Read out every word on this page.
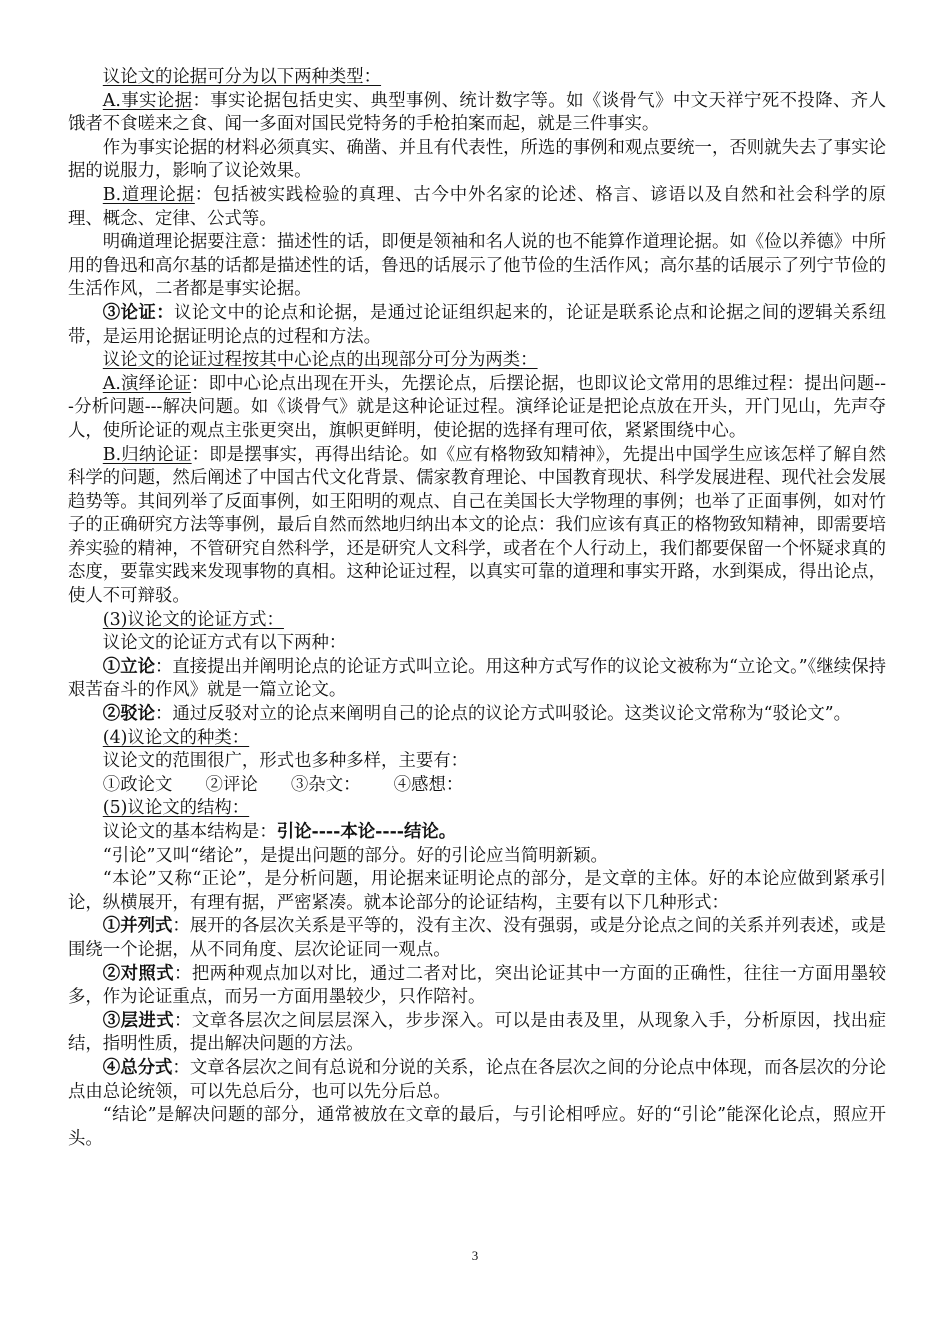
议论文的论据可分为以下两种类型：

A.事实论据：事实论据包括史实、典型事例、统计数字等。如《谈骨气》中文天祥宁死不投降、齐人饿者不食嗟来之食、闻一多面对国民党特务的手枪拍案而起，就是三件事实。

作为事实论据的材料必须真实、确凿、并且有代表性，所选的事例和观点要统一，否则就失去了事实论据的说服力，影响了议论效果。

B.道理论据：包括被实践检验的真理、古今中外名家的论述、格言、谚语以及自然和社会科学的原理、概念、定律、公式等。

明确道理论据要注意：描述性的话，即便是领袖和名人说的也不能算作道理论据。如《俭以养德》中所用的鲁迅和高尔基的话都是描述性的话，鲁迅的话展示了他节俭的生活作风；高尔基的话展示了列宁节俭的生活作风，二者都是事实论据。

③论证：议论文中的论点和论据，是通过论证组织起来的，论证是联系论点和论据之间的逻辑关系纽带，是运用论据证明论点的过程和方法。

议论文的论证过程按其中心论点的出现部分可分为两类：

A.演绎论证：即中心论点出现在开头，先摆论点，后摆论据，也即议论文常用的思维过程：提出问题---分析问题---解决问题。如《谈骨气》就是这种论证过程。演绎论证是把论点放在开头，开门见山，先声夺人，使所论证的观点主张更突出，旗帜更鲜明，使论据的选择有理可依，紧紧围绕中心。

B.归纳论证：即是摆事实，再得出结论。如《应有格物致知精神》，先提出中国学生应该怎样了解自然科学的问题，然后阐述了中国古代文化背景、儒家教育理论、中国教育现状、科学发展进程、现代社会发展趋势等。其间列举了反面事例，如王阳明的观点、自己在美国长大学物理的事例；也举了正面事例，如对竹子的正确研究方法等事例，最后自然而然地归纳出本文的论点：我们应该有真正的格物致知精神，即需要培养实验的精神，不管研究自然科学，还是研究人文科学，或者在个人行动上，我们都要保留一个怀疑求真的态度，要靠实践来发现事物的真相。这种论证过程，以真实可靠的道理和事实开路，水到渠成，得出论点，使人不可辩驳。

(3)议论文的论证方式：

议论文的论证方式有以下两种：

①立论：直接提出并阐明论点的论证方式叫立论。用这种方式写作的议论文被称为“立论文。”《继续保持艰苦奋斗的作风》就是一篇立论文。

②驳论：通过反驳对立的论点来阐明自己的论点的议论方式叫驳论。这类议论文常称为“驳论文”。

(4)议论文的种类：

议论文的范围很广，形式也多种多样，主要有：

①政论文 ②评论 ③杂文： ④感想：

(5)议论文的结构：

议论文的基本结构是：引论----本论----结论。

“引论”又叫“绪论”，是提出问题的部分。好的引论应当简明新颖。

“本论”又称“正论”，是分析问题，用论据来证明论点的部分，是文章的主体。好的本论应做到紧承引论，纵横展开，有理有据，严密紧凑。就本论部分的论证结构，主要有以下几种形式：

①并列式：展开的各层次关系是平等的，没有主次、没有强弱，或是分论点之间的关系并列表述，或是围绕一个论据，从不同角度、层次论证同一观点。

②对照式：把两种观点加以对比，通过二者对比，突出论证其中一方面的正确性，往往一方面用墨较多，作为论证重点，而另一方面用墨较少，只作陪衬。

③层进式：文章各层次之间层层深入，步步深入。可以是由表及里，从现象入手，分析原因，找出症结，指明性质，提出解决问题的方法。

④总分式：文章各层次之间有总说和分说的关系，论点在各层次之间的分论点中体现，而各层次的分论点由总论统领，可以先总后分，也可以先分后总。

“结论”是解决问题的部分，通常被放在文章的最后，与引论相呼应。好的“引论”能深化论点，照应开头。

3
